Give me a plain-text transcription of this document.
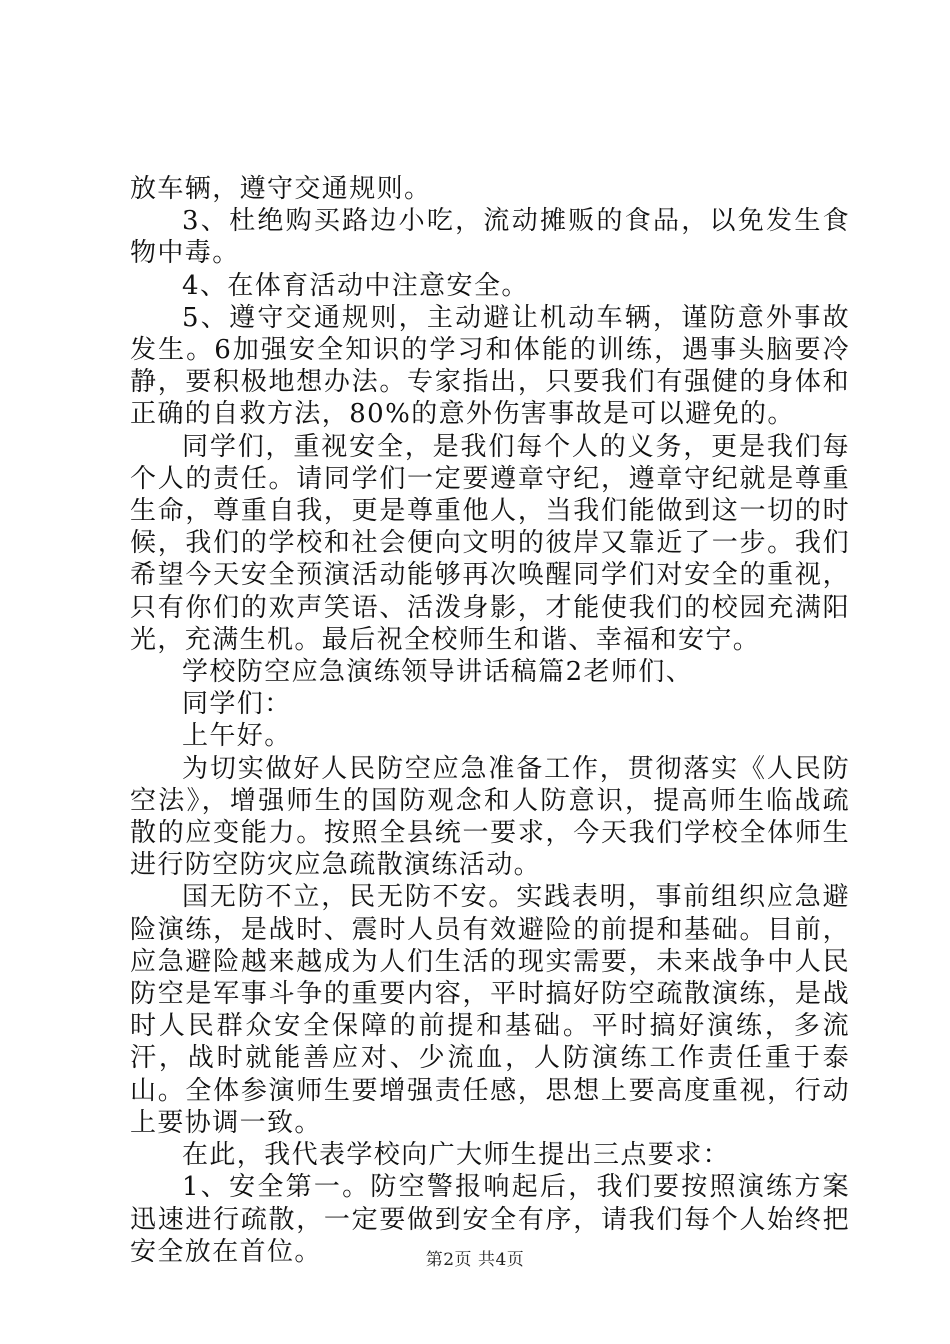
放车辆，遵守交通规则。

3、杜绝购买路边小吃，流动摊贩的食品，以免发生食物中毒。

4、在体育活动中注意安全。

5、遵守交通规则，主动避让机动车辆，谨防意外事故发生。6加强安全知识的学习和体能的训练，遇事头脑要冷静，要积极地想办法。专家指出，只要我们有强健的身体和正确的自救方法，80%的意外伤害事故是可以避免的。

同学们，重视安全，是我们每个人的义务，更是我们每个人的责任。请同学们一定要遵章守纪，遵章守纪就是尊重生命，尊重自我，更是尊重他人，当我们能做到这一切的时候，我们的学校和社会便向文明的彼岸又靠近了一步。我们希望今天安全预演活动能够再次唤醒同学们对安全的重视，只有你们的欢声笑语、活泼身影，才能使我们的校园充满阳光，充满生机。最后祝全校师生和谐、幸福和安宁。

学校防空应急演练领导讲话稿篇2老师们、

同学们：

上午好。

为切实做好人民防空应急准备工作，贯彻落实《人民防空法》，增强师生的国防观念和人防意识，提高师生临战疏散的应变能力。按照全县统一要求，今天我们学校全体师生进行防空防灾应急疏散演练活动。

国无防不立，民无防不安。实践表明，事前组织应急避险演练，是战时、震时人员有效避险的前提和基础。目前，应急避险越来越成为人们生活的现实需要，未来战争中人民防空是军事斗争的重要内容，平时搞好防空疏散演练，是战时人民群众安全保障的前提和基础。平时搞好演练，多流汗，战时就能善应对、少流血，人防演练工作责任重于泰山。全体参演师生要增强责任感，思想上要高度重视，行动上要协调一致。

在此，我代表学校向广大师生提出三点要求：

1、安全第一。防空警报响起后，我们要按照演练方案迅速进行疏散，一定要做到安全有序，请我们每个人始终把安全放在首位。	第2页 共4页
